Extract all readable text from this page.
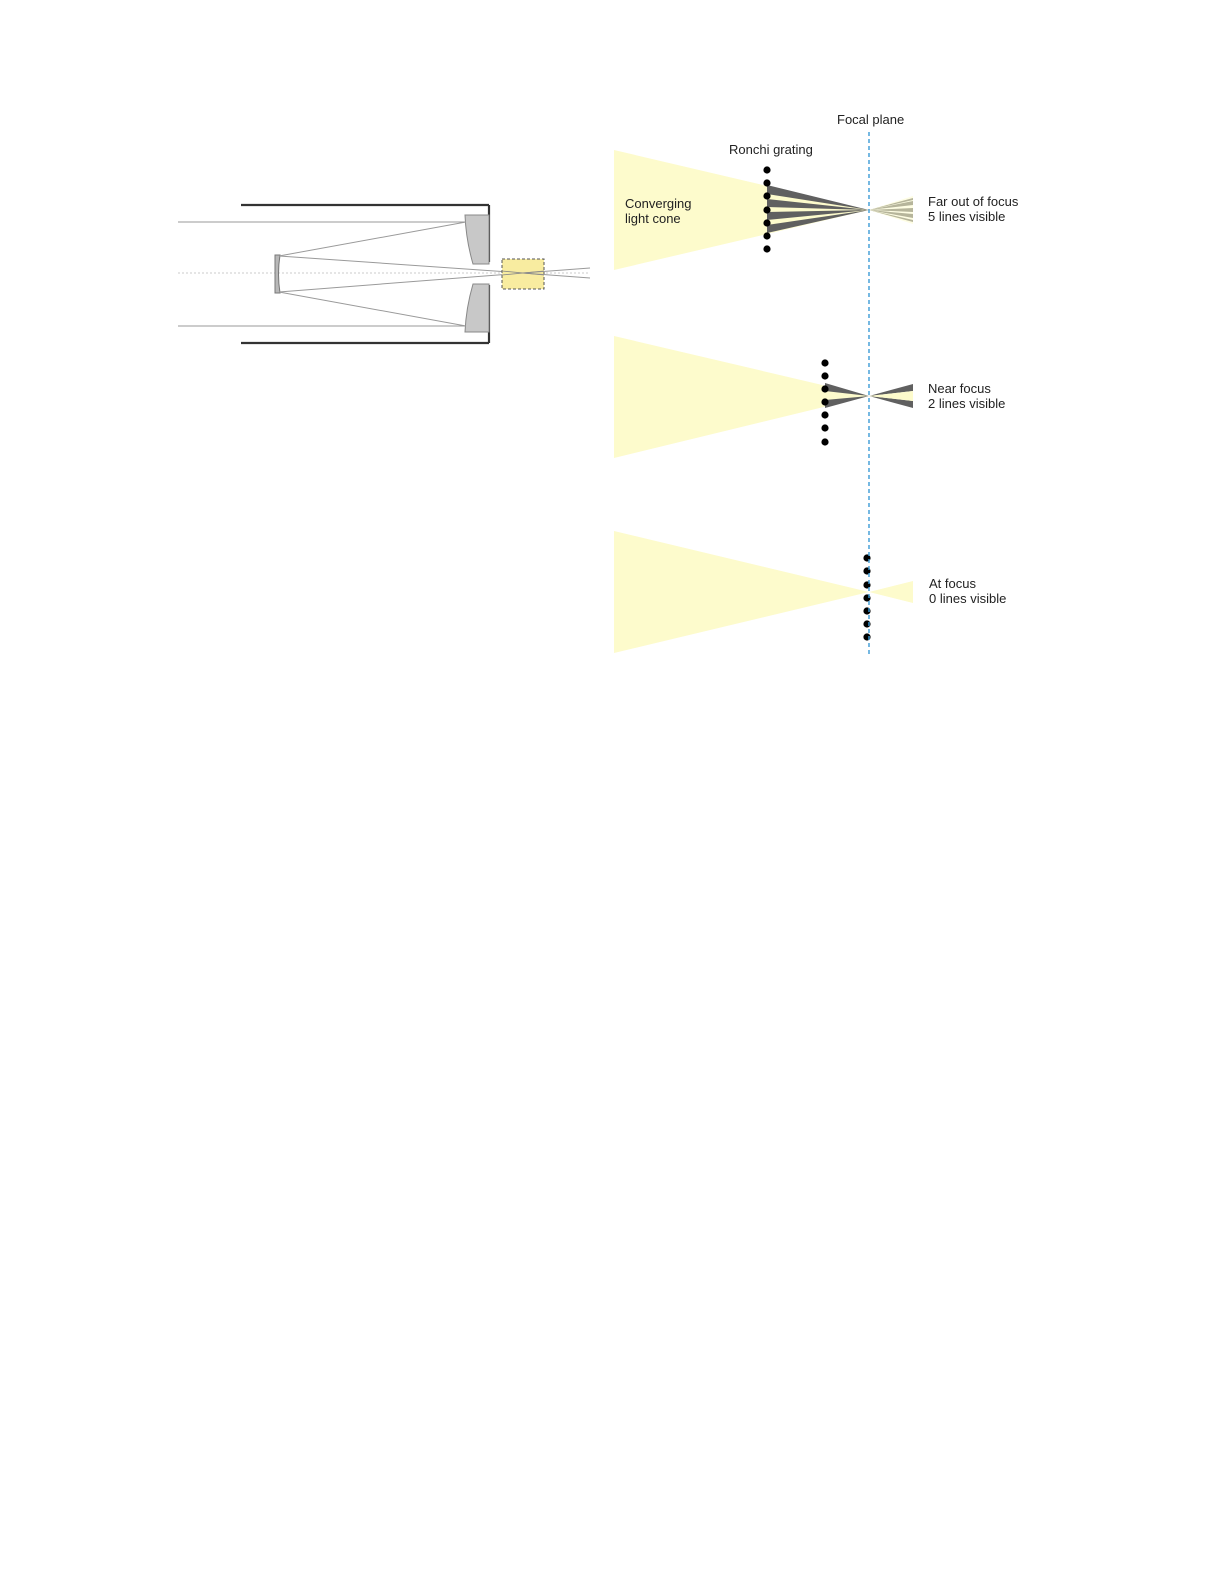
Converging
light cone
Ronchi grating
Far out of focus
5 lines visible
Near focus
2 lines visible
At focus
0 lines visible
Focal plane
